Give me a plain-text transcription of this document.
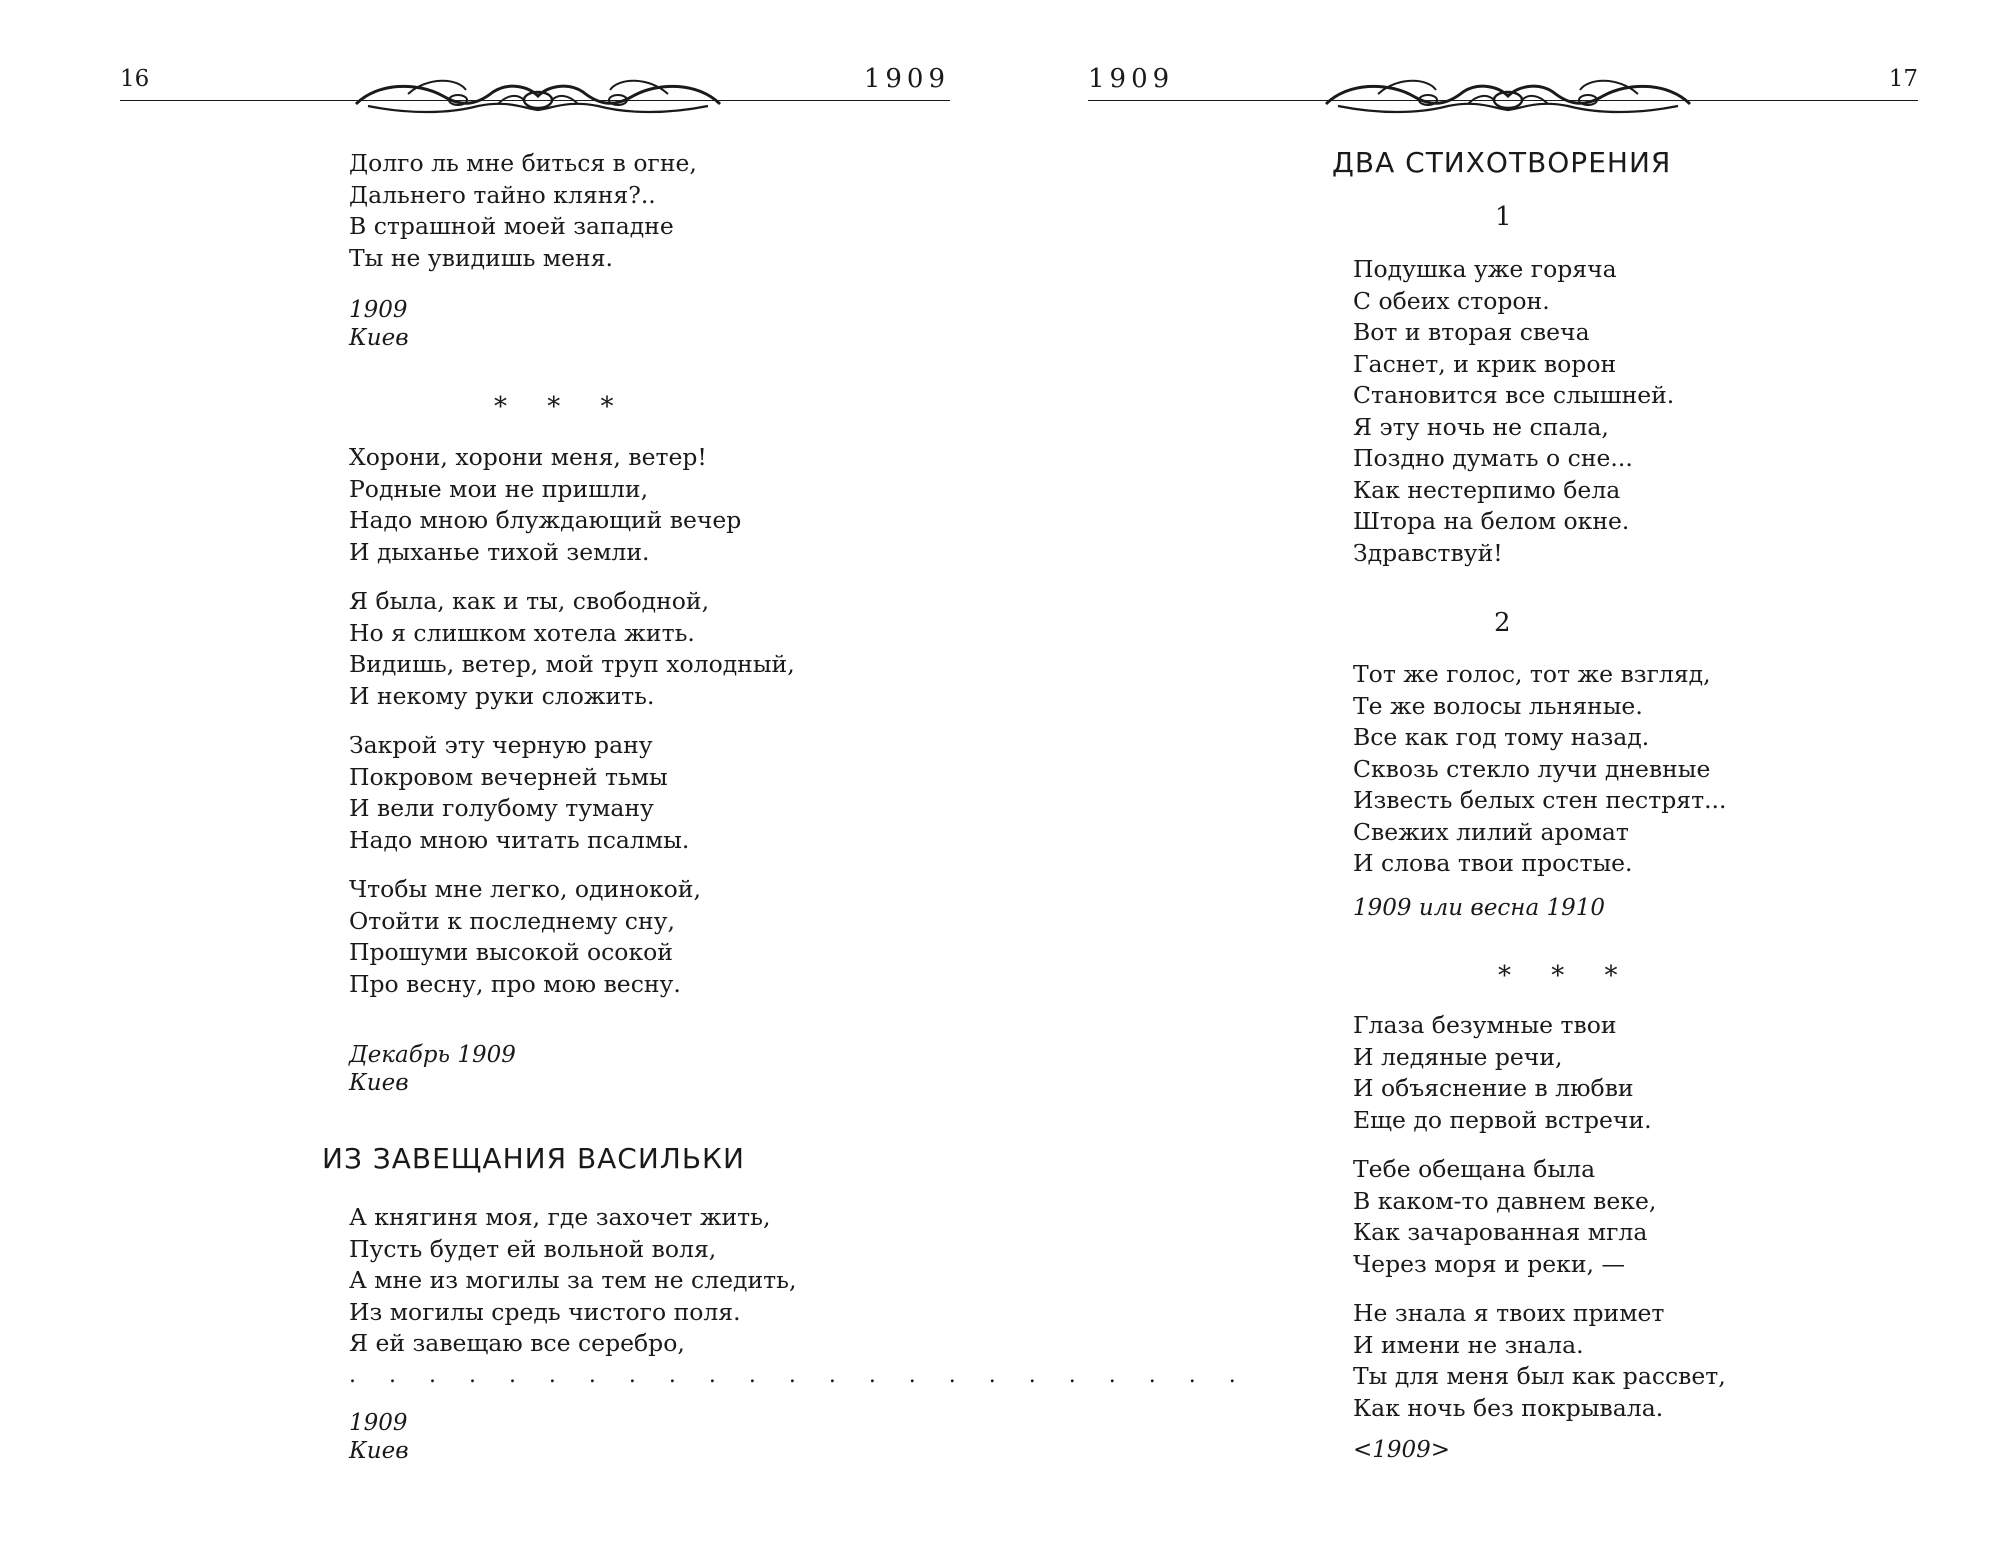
16	1909
Долго ль мне биться в огне,
Дальнего тайно кляня?..
В страшной моей западне
Ты не увидишь меня.
1909
Киев
* * *
Хорони, хорони меня, ветер!
Родные мои не пришли,
Надо мною блуждающий вечер
И дыханье тихой земли.
Я была, как и ты, свободной,
Но я слишком хотела жить.
Видишь, ветер, мой труп холодный,
И некому руки сложить.
Закрой эту черную рану
Покровом вечерней тьмы
И вели голубому туману
Надо мною читать псалмы.
Чтобы мне легко, одинокой,
Отойти к последнему сну,
Прошуми высокой осокой
Про весну, про мою весну.
Декабрь 1909
Киев
ИЗ ЗАВЕЩАНИЯ ВАСИЛЬКИ
А княгиня моя, где захочет жить,
Пусть будет ей вольной воля,
А мне из могилы за тем не следить,
Из могилы средь чистого поля.
Я ей завещаю все серебро,
. . . . . . . . . . . . . . . . . . . . . . .
1909
Киев
1909	17
ДВА СТИХОТВОРЕНИЯ
1
Подушка уже горяча
С обеих сторон.
Вот и вторая свеча
Гаснет, и крик ворон
Становится все слышней.
Я эту ночь не спала,
Поздно думать о сне...
Как нестерпимо бела
Штора на белом окне.
Здравствуй!
2
Тот же голос, тот же взгляд,
Те же волосы льняные.
Все как год тому назад.
Сквозь стекло лучи дневные
Известь белых стен пестрят...
Свежих лилий аромат
И слова твои простые.
1909 или весна 1910
* * *
Глаза безумные твои
И ледяные речи,
И объяснение в любви
Еще до первой встречи.
Тебе обещана была
В каком-то давнем веке,
Как зачарованная мгла
Через моря и реки, —
Не знала я твоих примет
И имени не знала.
Ты для меня был как рассвет,
Как ночь без покрывала.
<1909>
